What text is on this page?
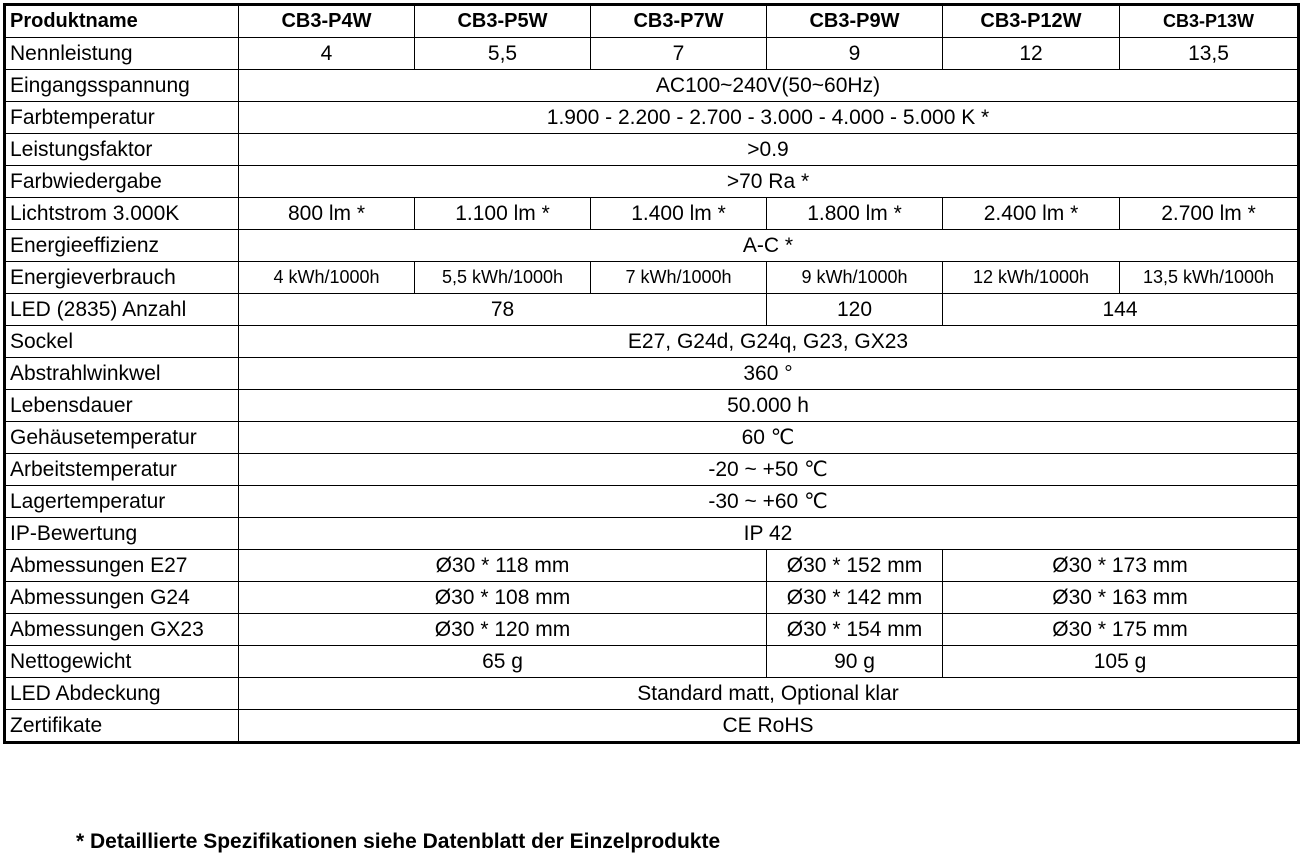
Produktname	CB3-P4W	CB3-P5W	CB3-P7W	CB3-P9W	CB3-P12W	CB3-P13W
Nennleistung	4	5,5	7	9	12	13,5
Eingangsspannung	AC100~240V(50~60Hz)					
Farbtemperatur	1.900 - 2.200 - 2.700 - 3.000 - 4.000 - 5.000 K *					
Leistungsfaktor	>0.9					
Farbwiedergabe	>70 Ra *					
Lichtstrom 3.000K	800 lm *	1.100 lm *	1.400 lm *	1.800 lm *	2.400 lm *	2.700 lm *
Energieeffizienz	A-C *					
Energieverbrauch	4 kWh/1000h	5,5 kWh/1000h	7 kWh/1000h	9 kWh/1000h	12 kWh/1000h	13,5 kWh/1000h
LED (2835) Anzahl	78			120	144	
Sockel	E27, G24d, G24q, G23, GX23					
Abstrahlwinkwel	360 °					
Lebensdauer	50.000 h					
Gehäusetemperatur	60 ℃					
Arbeitstemperatur	-20 ~ +50 ℃					
Lagertemperatur	-30 ~ +60 ℃					
IP-Bewertung	IP 42					
Abmessungen E27	Ø30 * 118 mm			Ø30 * 152 mm	Ø30 * 173 mm	
Abmessungen G24	Ø30 * 108 mm			Ø30 * 142 mm	Ø30 * 163 mm	
Abmessungen GX23	Ø30 * 120 mm			Ø30 * 154 mm	Ø30 * 175 mm	
Nettogewicht	65 g			90 g	105 g	
LED Abdeckung	Standard matt, Optional klar					
Zertifikate	CE RoHS					
* Detaillierte Spezifikationen siehe Datenblatt der Einzelprodukte
